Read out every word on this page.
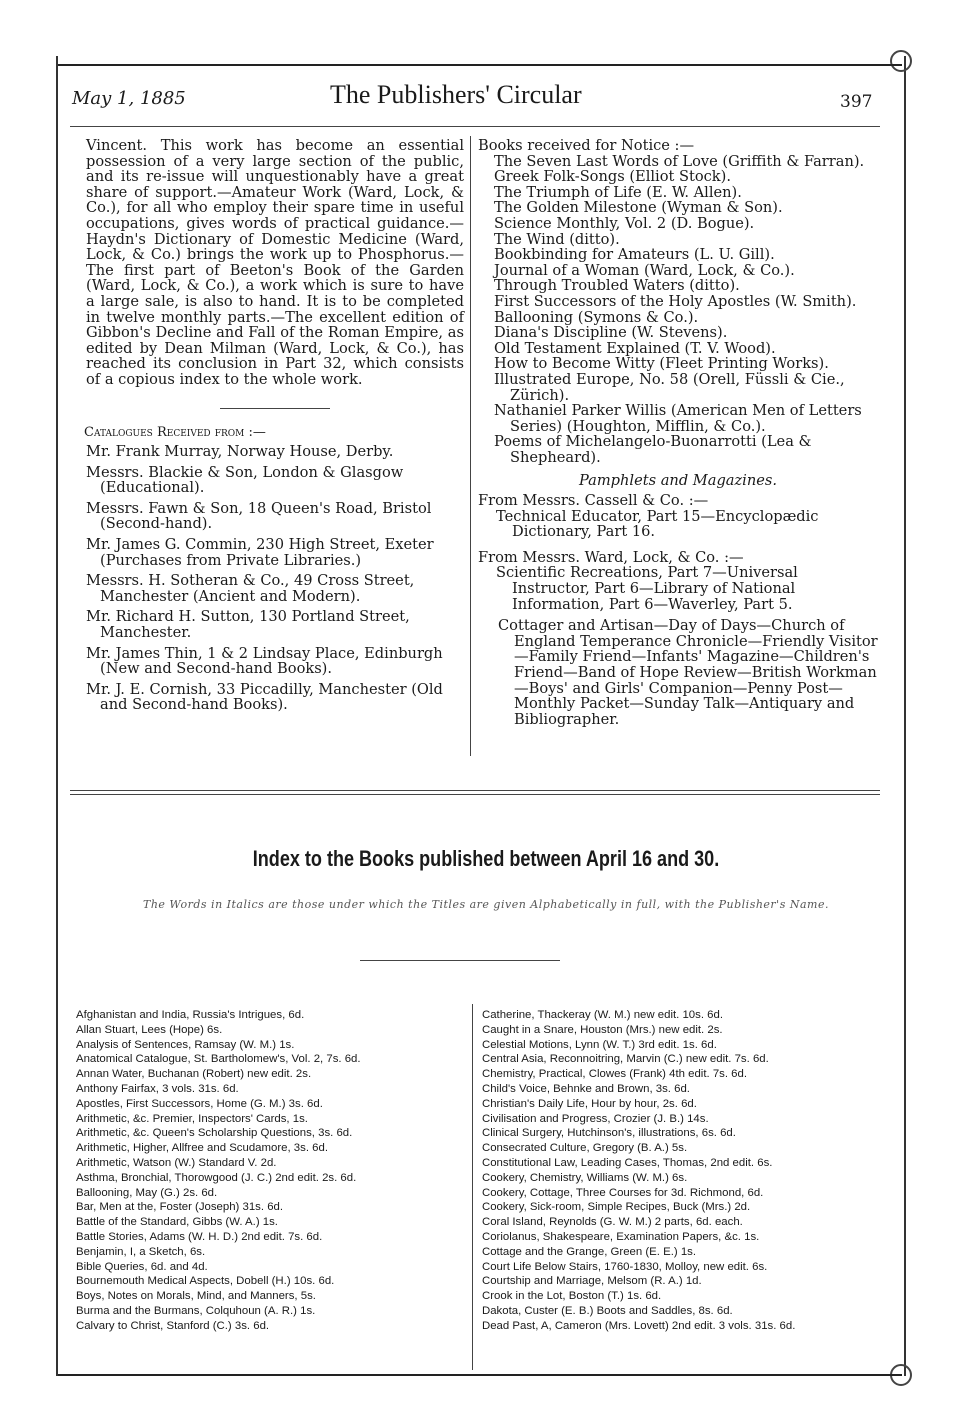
May 1, 1885	The Publishers' Circular	397

Vincent. This work has become an essential possession of a very large section of the public, and its re-issue will unquestionably have a great share of support.—Amateur Work (Ward, Lock, & Co.), for all who employ their spare time in useful occupations, gives words of practical guidance.—Haydn's Dictionary of Domestic Medicine (Ward, Lock, & Co.) brings the work up to Phosphorus.—The first part of Beeton's Book of the Garden (Ward, Lock, & Co.), a work which is sure to have a large sale, is also to hand. It is to be completed in twelve monthly parts.—The excellent edition of Gibbon's Decline and Fall of the Roman Empire, as edited by Dean Milman (Ward, Lock, & Co.), has reached its conclusion in Part 32, which consists of a copious index to the whole work.

Catalogues Received from :—

Mr. Frank Murray, Norway House, Derby.

Messrs. Blackie & Son, London & Glasgow (Educational).

Messrs. Fawn & Son, 18 Queen's Road, Bristol (Second-hand).

Mr. James G. Commin, 230 High Street, Exeter (Purchases from Private Libraries.)

Messrs. H. Sotheran & Co., 49 Cross Street, Manchester (Ancient and Modern).

Mr. Richard H. Sutton, 130 Portland Street, Manchester.

Mr. James Thin, 1 & 2 Lindsay Place, Edinburgh (New and Second-hand Books).

Mr. J. E. Cornish, 33 Piccadilly, Manchester (Old and Second-hand Books).

Books received for Notice :—

The Seven Last Words of Love (Griffith & Farran).

Greek Folk-Songs (Elliot Stock).

The Triumph of Life (E. W. Allen).

The Golden Milestone (Wyman & Son).

Science Monthly, Vol. 2 (D. Bogue).

The Wind (ditto).

Bookbinding for Amateurs (L. U. Gill).

Journal of a Woman (Ward, Lock, & Co.).

Through Troubled Waters (ditto).

First Successors of the Holy Apostles (W. Smith).

Ballooning (Symons & Co.).

Diana's Discipline (W. Stevens).

Old Testament Explained (T. V. Wood).

How to Become Witty (Fleet Printing Works).

Illustrated Europe, No. 58 (Orell, Füssli & Cie., Zürich).

Nathaniel Parker Willis (American Men of Letters Series) (Houghton, Mifflin, & Co.).

Poems of Michelangelo-Buonarrotti (Lea & Shepheard).

Pamphlets and Magazines.

From Messrs. Cassell & Co. :—

Technical Educator, Part 15—Encyclopædic Dictionary, Part 16.

From Messrs. Ward, Lock, & Co. :—

Scientific Recreations, Part 7—Universal Instructor, Part 6—Library of National Information, Part 6—Waverley, Part 5.

Cottager and Artisan—Day of Days—Church of England Temperance Chronicle—Friendly Visitor—Family Friend—Infants' Magazine—Children's Friend—Band of Hope Review—British Workman—Boys' and Girls' Companion—Penny Post—Monthly Packet—Sunday Talk—Antiquary and Bibliographer.

Index to the Books published between April 16 and 30.
The Words in Italics are those under which the Titles are given Alphabetically in full, with the Publisher's Name.
Afghanistan and India, Russia's Intrigues, 6d.
Allan Stuart, Lees (Hope) 6s.
Analysis of Sentences, Ramsay (W. M.) 1s.
Anatomical Catalogue, St. Bartholomew's, Vol. 2, 7s. 6d.
Annan Water, Buchanan (Robert) new edit. 2s.
Anthony Fairfax, 3 vols. 31s. 6d.
Apostles, First Successors, Home (G. M.) 3s. 6d.
Arithmetic, &c. Premier, Inspectors' Cards, 1s.
Arithmetic, &c. Queen's Scholarship Questions, 3s. 6d.
Arithmetic, Higher, Allfree and Scudamore, 3s. 6d.
Arithmetic, Watson (W.) Standard V. 2d.
Asthma, Bronchial, Thorowgood (J. C.) 2nd edit. 2s. 6d.
Ballooning, May (G.) 2s. 6d.
Bar, Men at the, Foster (Joseph) 31s. 6d.
Battle of the Standard, Gibbs (W. A.) 1s.
Battle Stories, Adams (W. H. D.) 2nd edit. 7s. 6d.
Benjamin, I, a Sketch, 6s.
Bible Queries, 6d. and 4d.
Bournemouth Medical Aspects, Dobell (H.) 10s. 6d.
Boys, Notes on Morals, Mind, and Manners, 5s.
Burma and the Burmans, Colquhoun (A. R.) 1s.
Calvary to Christ, Stanford (C.) 3s. 6d.
Catherine, Thackeray (W. M.) new edit. 10s. 6d.
Caught in a Snare, Houston (Mrs.) new edit. 2s.
Celestial Motions, Lynn (W. T.) 3rd edit. 1s. 6d.
Central Asia, Reconnoitring, Marvin (C.) new edit. 7s. 6d.
Chemistry, Practical, Clowes (Frank) 4th edit. 7s. 6d.
Child's Voice, Behnke and Brown, 3s. 6d.
Christian's Daily Life, Hour by hour, 2s. 6d.
Civilisation and Progress, Crozier (J. B.) 14s.
Clinical Surgery, Hutchinson's, illustrations, 6s. 6d.
Consecrated Culture, Gregory (B. A.) 5s.
Constitutional Law, Leading Cases, Thomas, 2nd edit. 6s.
Cookery, Chemistry, Williams (W. M.) 6s.
Cookery, Cottage, Three Courses for 3d. Richmond, 6d.
Cookery, Sick-room, Simple Recipes, Buck (Mrs.) 2d.
Coral Island, Reynolds (G. W. M.) 2 parts, 6d. each.
Coriolanus, Shakespeare, Examination Papers, &c. 1s.
Cottage and the Grange, Green (E. E.) 1s.
Court Life Below Stairs, 1760-1830, Molloy, new edit. 6s.
Courtship and Marriage, Melsom (R. A.) 1d.
Crook in the Lot, Boston (T.) 1s. 6d.
Dakota, Custer (E. B.) Boots and Saddles, 8s. 6d.
Dead Past, A, Cameron (Mrs. Lovett) 2nd edit. 3 vols. 31s. 6d.
